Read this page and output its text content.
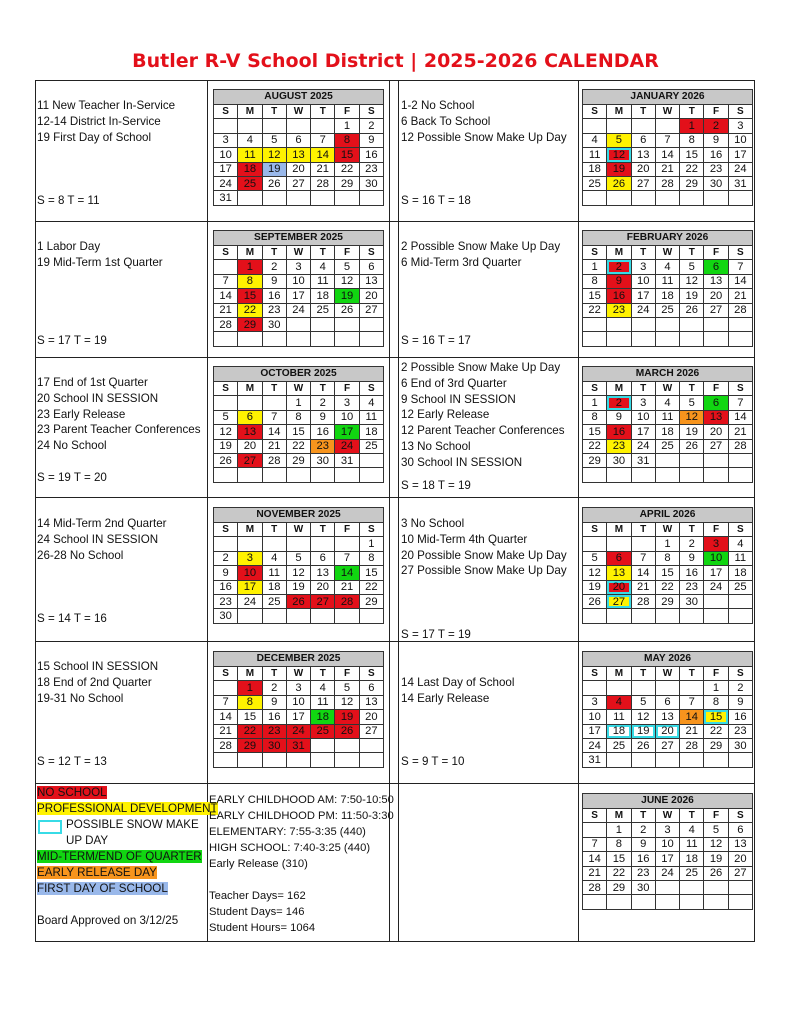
Butler R-V School District | 2025-2026 CALENDAR
11 New Teacher In-Service
12-14 District In-Service
19 First Day of School
S = 8 T = 11
AUGUST 2025						
S	M	T	W	T	F	S
					1	2
3	4	5	6	7	8	9
10	11	12	13	14	15	16
17	18	19	20	21	22	23
24	25	26	27	28	29	30
31						
1 Labor Day
19 Mid-Term 1st Quarter
S = 17 T = 19
SEPTEMBER 2025						
S	M	T	W	T	F	S
	1	2	3	4	5	6
7	8	9	10	11	12	13
14	15	16	17	18	19	20
21	22	23	24	25	26	27
28	29	30				

17 End of 1st Quarter
20 School IN SESSION
23 Early Release
23 Parent Teacher Conferences
24 No School
S = 19 T = 20
OCTOBER 2025						
S	M	T	W	T	F	S
			1	2	3	4
5	6	7	8	9	10	11
12	13	14	15	16	17	18
19	20	21	22	23	24	25
26	27	28	29	30	31	

14 Mid-Term 2nd Quarter
24 School IN SESSION
26-28 No School
S = 14 T = 16
NOVEMBER 2025						
S	M	T	W	T	F	S
						1
2	3	4	5	6	7	8
9	10	11	12	13	14	15
16	17	18	19	20	21	22
23	24	25	26	27	28	29
30						
15 School IN SESSION
18 End of 2nd Quarter
19-31 No School
S = 12 T = 13
DECEMBER 2025						
S	M	T	W	T	F	S
	1	2	3	4	5	6
7	8	9	10	11	12	13
14	15	16	17	18	19	20
21	22	23	24	25	26	27
28	29	30	31			

1-2 No School
6 Back To School
12 Possible Snow Make Up Day
S = 16 T = 18
JANUARY 2026						
S	M	T	W	T	F	S
				1	2	3
4	5	6	7	8	9	10
11	12	13	14	15	16	17
18	19	20	21	22	23	24
25	26	27	28	29	30	31

2 Possible Snow Make Up Day
6 Mid-Term 3rd Quarter
S = 16 T = 17
FEBRUARY 2026						
S	M	T	W	T	F	S
1	2	3	4	5	6	7
8	9	10	11	12	13	14
15	16	17	18	19	20	21
22	23	24	25	26	27	28

2 Possible Snow Make Up Day
6 End of 3rd Quarter
9 School IN SESSION
12 Early Release
12 Parent Teacher Conferences
13 No School
30 School IN SESSION
S = 18 T = 19
MARCH 2026						
S	M	T	W	T	F	S
1	2	3	4	5	6	7
8	9	10	11	12	13	14
15	16	17	18	19	20	21
22	23	24	25	26	27	28
29	30	31				

3 No School
10 Mid-Term 4th Quarter
20 Possible Snow Make Up Day
27 Possible Snow Make Up Day
S = 17 T = 19
APRIL 2026						
S	M	T	W	T	F	S
			1	2	3	4
5	6	7	8	9	10	11
12	13	14	15	16	17	18
19	20	21	22	23	24	25
26	27	28	29	30		

14 Last Day of School
14 Early Release
S = 9 T = 10
MAY 2026						
S	M	T	W	T	F	S
					1	2
3	4	5	6	7	8	9
10	11	12	13	14	15	16
17	18	19	20	21	22	23
24	25	26	27	28	29	30
31						
JUNE 2026						
S	M	T	W	T	F	S
	1	2	3	4	5	6
7	8	9	10	11	12	13
14	15	16	17	18	19	20
21	22	23	24	25	26	27
28	29	30				

NO SCHOOL
PROFESSIONAL DEVELOPMENT
POSSIBLE SNOW MAKE
UP DAY
MID-TERM/END OF QUARTER
EARLY RELEASE DAY
FIRST DAY OF SCHOOL
Board Approved on 3/12/25
EARLY CHILDHOOD AM: 7:50-10:50
EARLY CHILDHOOD PM: 11:50-3:30
ELEMENTARY: 7:55-3:35 (440)
HIGH SCHOOL: 7:40-3:25 (440)
Early Release (310)
Teacher Days= 162
Student Days= 146
Student Hours= 1064
